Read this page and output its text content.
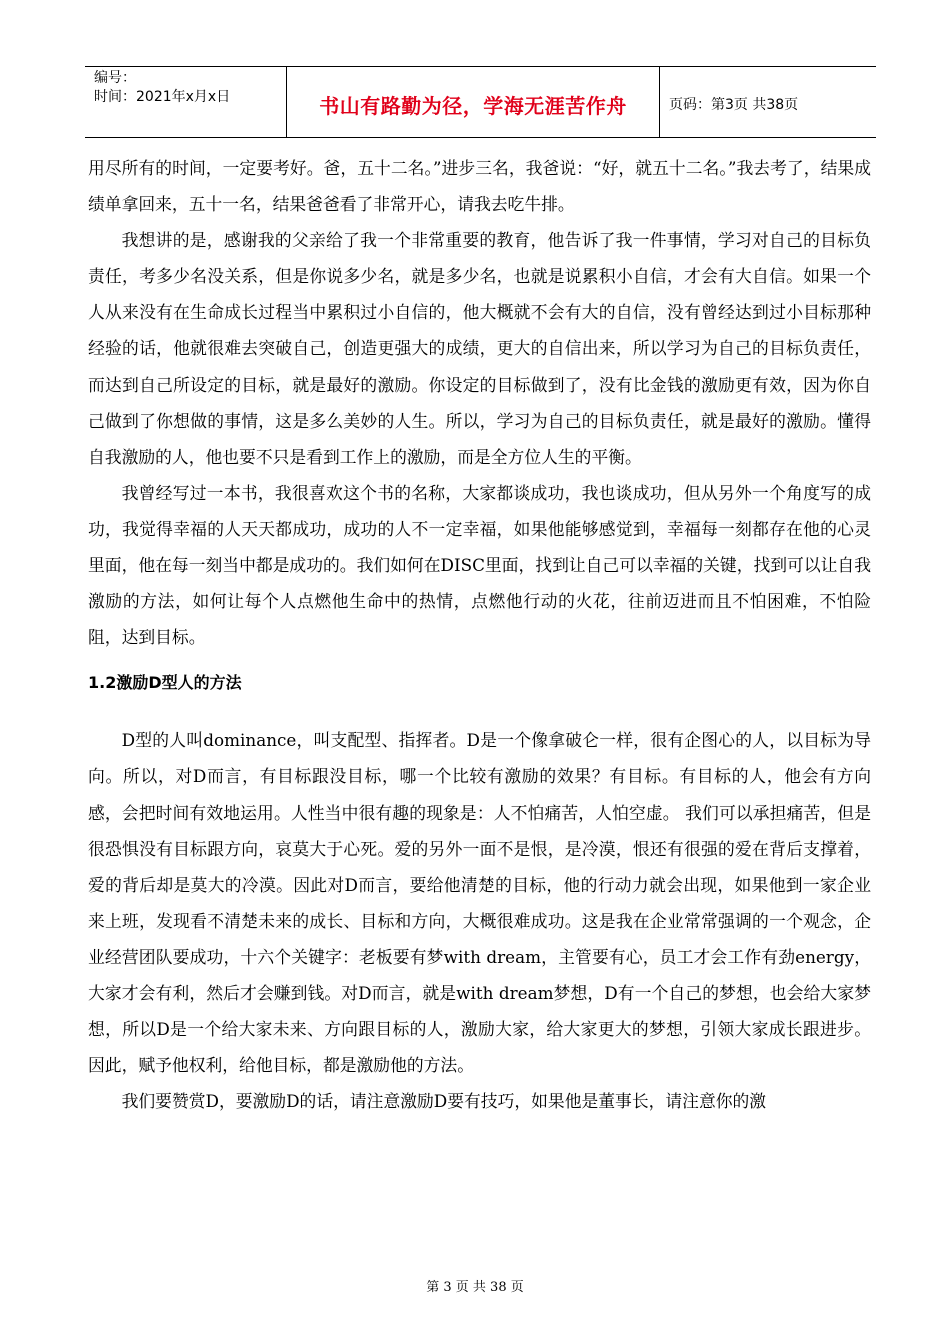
编号：
时间：2021年x月x日	书山有路勤为径，学海无涯苦作舟	页码：第3页 共38页

用尽所有的时间，一定要考好。爸，五十二名。”进步三名，我爸说：“好，就五十二名。”我去考了，结果成绩单拿回来，五十一名，结果爸爸看了非常开心，请我去吃牛排。

我想讲的是，感谢我的父亲给了我一个非常重要的教育，他告诉了我一件事情，学习对自己的目标负责任，考多少名没关系，但是你说多少名，就是多少名，也就是说累积小自信，才会有大自信。如果一个人从来没有在生命成长过程当中累积过小自信的，他大概就不会有大的自信，没有曾经达到过小目标那种经验的话，他就很难去突破自己，创造更强大的成绩，更大的自信出来，所以学习为自己的目标负责任，而达到自己所设定的目标，就是最好的激励。你设定的目标做到了，没有比金钱的激励更有效，因为你自己做到了你想做的事情，这是多么美妙的人生。所以，学习为自己的目标负责任，就是最好的激励。懂得自我激励的人，他也要不只是看到工作上的激励，而是全方位人生的平衡。

我曾经写过一本书，我很喜欢这个书的名称，大家都谈成功，我也谈成功，但从另外一个角度写的成功，我觉得幸福的人天天都成功，成功的人不一定幸福，如果他能够感觉到，幸福每一刻都存在他的心灵里面，他在每一刻当中都是成功的。我们如何在DISC里面，找到让自己可以幸福的关键，找到可以让自我激励的方法，如何让每个人点燃他生命中的热情，点燃他行动的火花，往前迈进而且不怕困难，不怕险阻，达到目标。

1.2激励D型人的方法

D型的人叫dominance，叫支配型、指挥者。D是一个像拿破仑一样，很有企图心的人，以目标为导向。所以，对D而言，有目标跟没目标，哪一个比较有激励的效果？有目标。有目标的人，他会有方向感，会把时间有效地运用。人性当中很有趣的现象是：人不怕痛苦，人怕空虚。 我们可以承担痛苦，但是很恐惧没有目标跟方向，哀莫大于心死。爱的另外一面不是恨，是冷漠，恨还有很强的爱在背后支撑着，爱的背后却是莫大的冷漠。因此对D而言，要给他清楚的目标，他的行动力就会出现，如果他到一家企业来上班，发现看不清楚未来的成长、目标和方向，大概很难成功。这是我在企业常常强调的一个观念，企业经营团队要成功，十六个关键字：老板要有梦with dream，主管要有心，员工才会工作有劲energy，大家才会有利，然后才会赚到钱。对D而言，就是with dream梦想，D有一个自己的梦想，也会给大家梦想，所以D是一个给大家未来、方向跟目标的人，激励大家，给大家更大的梦想，引领大家成长跟进步。因此，赋予他权利，给他目标，都是激励他的方法。

我们要赞赏D，要激励D的话，请注意激励D要有技巧，如果他是董事长，请注意你的激

第 3 页 共 38 页
